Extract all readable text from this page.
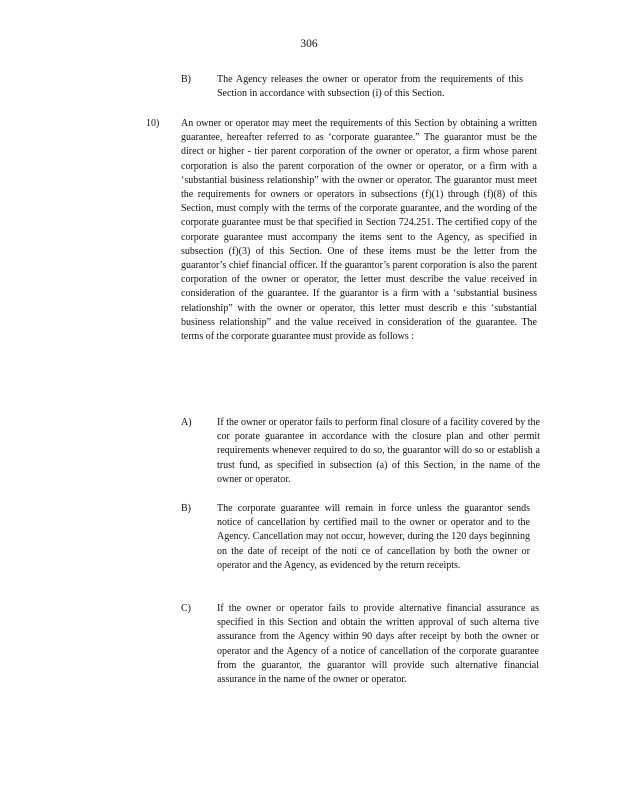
306
B)	The Agency releases the owner or operator from the requirements of this Section in accordance with subsection (i) of this Section.
10) An owner or operator may meet the requirements of this Section by obtaining a written guarantee, hereafter referred to as ‘corporate guarantee.” The guarantor must be the direct or higher - tier parent corporation of the owner or operator, a firm whose parent corporation is also the parent corporation of the owner or operator, or a firm with a ‘substantial business relationship” with the owner or operator. The guarantor must meet the requirements for owners or operators in subsections (f)(1) through (f)(8) of this Section, must comply with the terms of the corporate guarantee, and the wording of the corporate guarantee must be that specified in Section 724.251. The certified copy of the corporate guarantee must accompany the items sent to the Agency, as specified in subsection (f)(3) of this Section. One of these items must be the letter from the guarantor’s chief financial officer. If the guarantor’s parent corporation is also the parent corporation of the owner or operator, the letter must describe the value received in consideration of the guarantee. If the guarantor is a firm with a ‘substantial business relationship” with the owner or operator, this letter must describ e this ‘substantial business relationship” and the value received in consideration of the guarantee. The terms of the corporate guarantee must provide as follows :
A)	If the owner or operator fails to perform final closure of a facility covered by the cor porate guarantee in accordance with the closure plan and other permit requirements whenever required to do so, the guarantor will do so or establish a trust fund, as specified in subsection (a) of this Section, in the name of the owner or operator.
B)	The corporate guarantee will remain in force unless the guarantor sends notice of cancellation by certified mail to the owner or operator and to the Agency. Cancellation may not occur, however, during the 120 days beginning on the date of receipt of the noti ce of cancellation by both the owner or operator and the Agency, as evidenced by the return receipts.
C)	If the owner or operator fails to provide alternative financial assurance as specified in this Section and obtain the written approval of such alterna tive assurance from the Agency within 90 days after receipt by both the owner or operator and the Agency of a notice of cancellation of the corporate guarantee from the guarantor, the guarantor will provide such alternative financial assurance in the name of the owner or operator.
